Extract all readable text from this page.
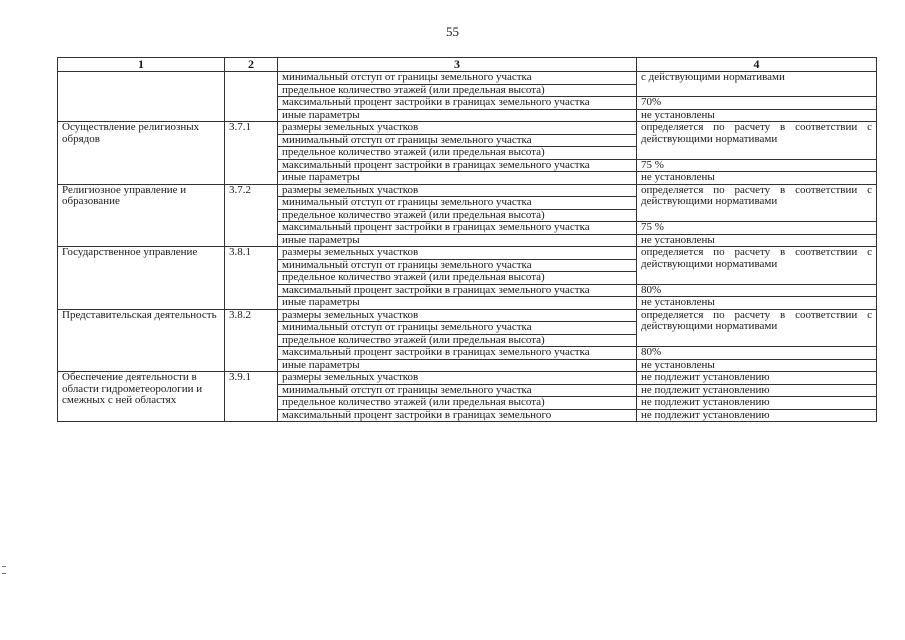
55
1	2	3	4
		минимальный отступ от границы земельного участка	с действующими нормативами
		предельное количество этажей (или предельная высота)	
		максимальный процент застройки в границах земельного участка	70%
		иные параметры	не установлены
Осуществление религиозных обрядов	3.7.1	размеры земельных участков	определяется по расчету в соответствии с действующими нормативами
		минимальный отступ от границы земельного участка	
		предельное количество этажей (или предельная высота)	
		максимальный процент застройки в границах земельного участка	75 %
		иные параметры	не установлены
Религиозное управление и образование	3.7.2	размеры земельных участков	определяется по расчету в соответствии с действующими нормативами
		минимальный отступ от границы земельного участка	
		предельное количество этажей (или предельная высота)	
		максимальный процент застройки в границах земельного участка	75 %
		иные параметры	не установлены
Государственное управление	3.8.1	размеры земельных участков	определяется по расчету в соответствии с действующими нормативами
		минимальный отступ от границы земельного участка	
		предельное количество этажей (или предельная высота)	
		максимальный процент застройки в границах земельного участка	80%
		иные параметры	не установлены
Представительская деятельность	3.8.2	размеры земельных участков	определяется по расчету в соответствии с действующими нормативами
		минимальный отступ от границы земельного участка	
		предельное количество этажей (или предельная высота)	
		максимальный процент застройки в границах земельного участка	80%
		иные параметры	не установлены
Обеспечение деятельности в области гидрометеорологии и смежных с ней областях	3.9.1	размеры земельных участков	не подлежит установлению
		минимальный отступ от границы земельного участка	не подлежит установлению
		предельное количество этажей (или предельная высота)	не подлежит установлению
		максимальный процент застройки в границах земельного	не подлежит установлению
